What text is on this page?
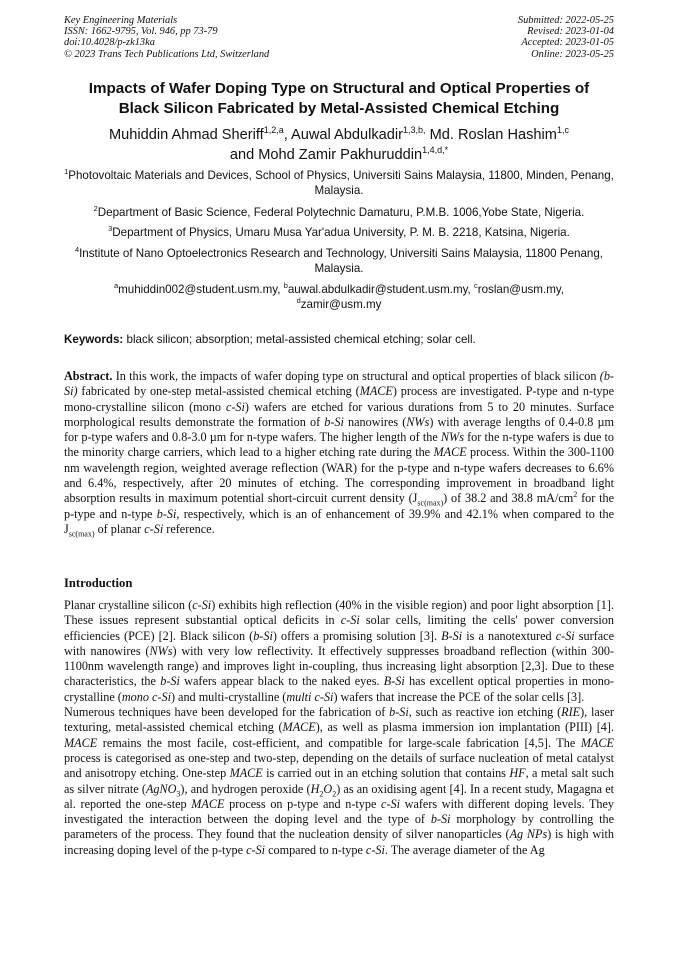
Key Engineering Materials
ISSN: 1662-9795, Vol. 946, pp 73-79
doi:10.4028/p-zk13ka
© 2023 Trans Tech Publications Ltd, Switzerland
Submitted: 2022-05-25
Revised: 2023-01-04
Accepted: 2023-01-05
Online: 2023-05-25
Impacts of Wafer Doping Type on Structural and Optical Properties of
Black Silicon Fabricated by Metal-Assisted Chemical Etching
Muhiddin Ahmad Sheriff$^{1,2,a}$, Auwal Abdulkadir$^{1,3,b,}$ Md. Roslan Hashim$^{1,c}$
and Mohd Zamir Pakhuruddin$^{1,4,d,*}$
$^1$Photovoltaic Materials and Devices, School of Physics, Universiti Sains Malaysia, 11800, Minden, Penang, Malaysia.
$^2$Department of Basic Science, Federal Polytechnic Damaturu, P.M.B. 1006,Yobe State, Nigeria.
$^3$Department of Physics, Umaru Musa Yar'adua University, P. M. B. 2218, Katsina, Nigeria.
$^4$Institute of Nano Optoelectronics Research and Technology, Universiti Sains Malaysia, 11800 Penang, Malaysia.
$^a$muhiddin002@student.usm.my, $^b$auwal.abdulkadir@student.usm.my, $^c$roslan@usm.my,
$^d$zamir@usm.my
Keywords: black silicon; absorption; metal-assisted chemical etching; solar cell.

Abstract. In this work, the impacts of wafer doping type on structural and optical properties of black silicon (b-Si) fabricated by one-step metal-assisted chemical etching (MACE) process are investigated. P-type and n-type mono-crystalline silicon (mono c-Si) wafers are etched for various durations from 5 to 20 minutes. Surface morphological results demonstrate the formation of b-Si nanowires (NWs) with average lengths of 0.4-0.8 µm for p-type wafers and 0.8-3.0 µm for n-type wafers. The higher length of the NWs for the n-type wafers is due to the minority charge carriers, which lead to a higher etching rate during the MACE process. Within the 300-1100 nm wavelength region, weighted average reflection (WAR) for the p-type and n-type wafers decreases to 6.6% and 6.4%, respectively, after 20 minutes of etching. The corresponding improvement in broadband light absorption results in maximum potential short-circuit current density $(J_{sc(max)})$ of 38.2 and 38.8 $mA/cm^2$ for the p-type and n-type b-Si, respectively, which is an of enhancement of 39.9% and 42.1% when compared to the $J_{sc(max)}$ of planar c-Si reference.

Introduction

Planar crystalline silicon (c-Si) exhibits high reflection (40% in the visible region) and poor light absorption [1]. These issues represent substantial optical deficits in c-Si solar cells, limiting the cells' power conversion efficiencies (PCE) [2]. Black silicon (b-Si) offers a promising solution [3]. B-Si is a nanotextured c-Si surface with nanowires (NWs) with very low reflectivity. It effectively suppresses broadband reflection (within 300-1100nm wavelength range) and improves light in-coupling, thus increasing light absorption [2,3]. Due to these characteristics, the b-Si wafers appear black to the naked eyes. B-Si has excellent optical properties in mono-crystalline (mono c-Si) and multi-crystalline (multi c-Si) wafers that increase the PCE of the solar cells [3].

Numerous techniques have been developed for the fabrication of b-Si, such as reactive ion etching (RIE), laser texturing, metal-assisted chemical etching (MACE), as well as plasma immersion ion implantation (PIII) [4]. MACE remains the most facile, cost-efficient, and compatible for large-scale fabrication [4,5]. The MACE process is categorised as one-step and two-step, depending on the details of surface nucleation of metal catalyst and anisotropy etching. One-step MACE is carried out in an etching solution that contains HF, a metal salt such as silver nitrate (AgNO$_3$), and hydrogen peroxide $(H_2O_2)$ as an oxidising agent [4]. In a recent study, Magagna et al. reported the one-step MACE process on p-type and n-type c-Si wafers with different doping levels. They investigated the interaction between the doping level and the type of b-Si morphology by controlling the parameters of the process. They found that the nucleation density of silver nanoparticles (Ag NPs) is high with increasing doping level of the p-type c-Si compared to n-type c-Si. The average diameter of the Ag
